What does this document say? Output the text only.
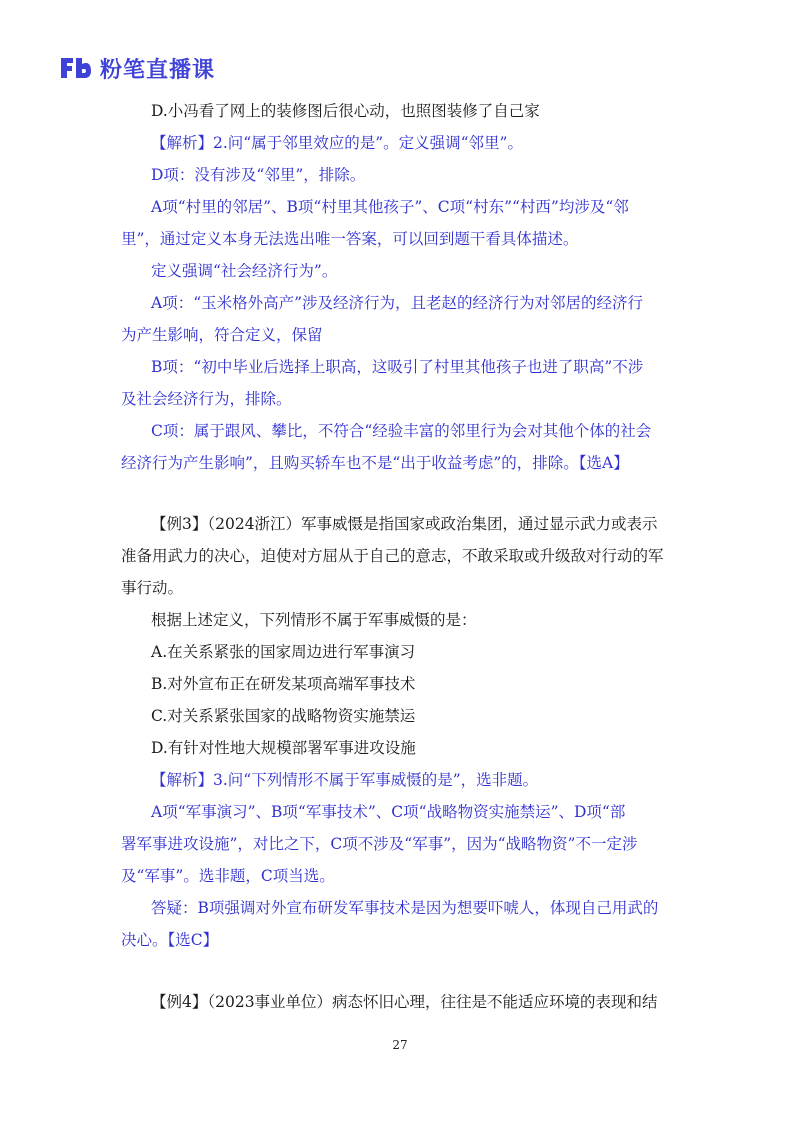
粉笔直播课
D.小冯看了网上的装修图后很心动，也照图装修了自己家
【解析】2.问“属于邻里效应的是”。定义强调“邻里”。
D项：没有涉及“邻里”，排除。
A项“村里的邻居”、B项“村里其他孩子”、C项“村东”“村西”均涉及“邻
里”，通过定义本身无法选出唯一答案，可以回到题干看具体描述。
定义强调“社会经济行为”。
A项：“玉米格外高产”涉及经济行为，且老赵的经济行为对邻居的经济行
为产生影响，符合定义，保留
B项：“初中毕业后选择上职高，这吸引了村里其他孩子也进了职高”不涉
及社会经济行为，排除。
C项：属于跟风、攀比，不符合“经验丰富的邻里行为会对其他个体的社会
经济行为产生影响”，且购买轿车也不是“出于收益考虑”的，排除。【选A】
【例3】（2024浙江）军事威慑是指国家或政治集团，通过显示武力或表示
准备用武力的决心，迫使对方屈从于自己的意志，不敢采取或升级敌对行动的军
事行动。
根据上述定义，下列情形不属于军事威慑的是：
A.在关系紧张的国家周边进行军事演习
B.对外宣布正在研发某项高端军事技术
C.对关系紧张国家的战略物资实施禁运
D.有针对性地大规模部署军事进攻设施
【解析】3.问“下列情形不属于军事威慑的是”，选非题。
A项“军事演习”、B项“军事技术”、C项“战略物资实施禁运”、D项“部
署军事进攻设施”，对比之下，C项不涉及“军事”，因为“战略物资”不一定涉
及“军事”。选非题，C项当选。
答疑：B项强调对外宣布研发军事技术是因为想要吓唬人，体现自己用武的
决心。【选C】
【例4】（2023事业单位）病态怀旧心理，往往是不能适应环境的表现和结
27
